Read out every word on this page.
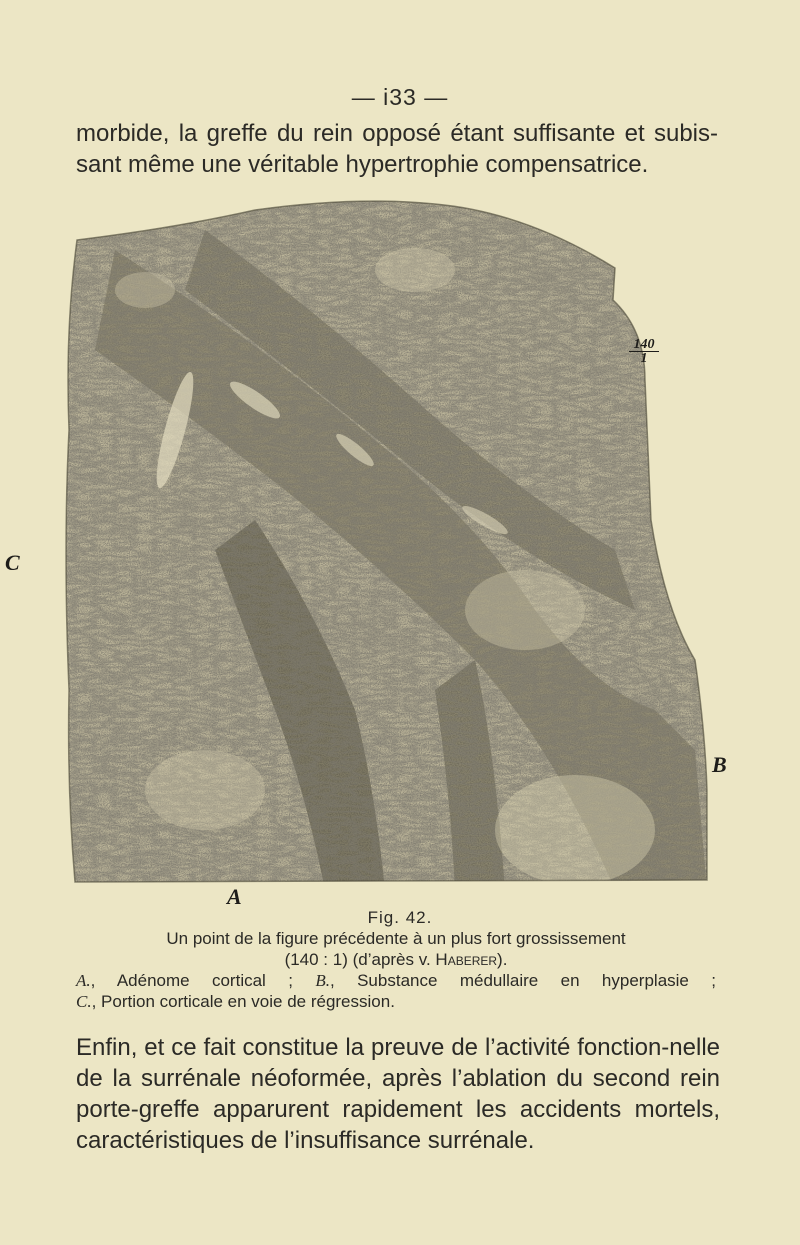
— i33 —
morbide, la greffe du rein opposé étant suffisante et subis-sant même une véritable hypertrophie compensatrice.
C
B
A
$\frac{140}{1}$
Fig. 42.
Un point de la figure précédente à un plus fort grossissement
(140 : 1) (d’après v. Haberer).
A., Adénome cortical ; B., Substance médullaire en hyperplasie ;
C., Portion corticale en voie de régression.
Enfin, et ce fait constitue la preuve de l’activité fonction-nelle de la surrénale néoformée, après l’ablation du second rein porte-greffe apparurent rapidement les accidents mortels, caractéristiques de l’insuffisance surrénale.
